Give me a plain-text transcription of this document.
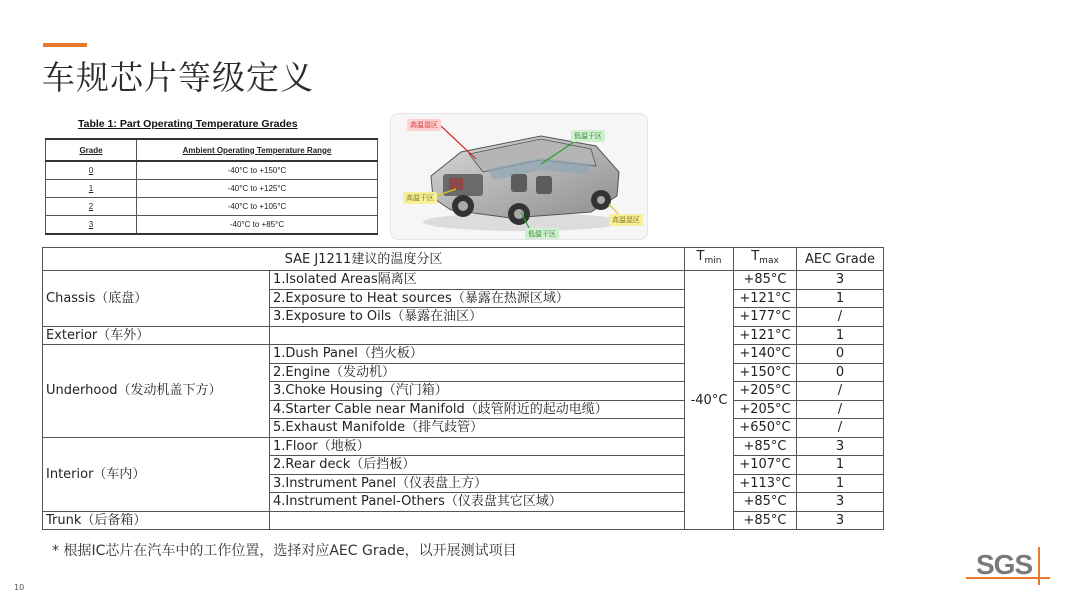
车规芯片等级定义
Table 1: Part Operating Temperature Grades
Grade	Ambient Operating Temperature Range
0	-40°C to +150°C
1	-40°C to +125°C
2	-40°C to +105°C
3	-40°C to +85°C
高温湿区
低温干区
高温干区
低温干区
高温湿区
SAE J1211建议的温度分区		$T_{min}$	$T_{max}$	AEC Grade
Chassis（底盘）	1.Isolated Areas隔离区	-40°C	+85°C	3
	2.Exposure to Heat sources（暴露在热源区域）		+121°C	1
	3.Exposure to Oils（暴露在油区）		+177°C	/
Exterior（车外）			+121°C	1
Underhood（发动机盖下方）	1.Dush Panel（挡火板）		+140°C	0
	2.Engine（发动机）		+150°C	0
	3.Choke Housing（汽门箱）		+205°C	/
	4.Starter Cable near Manifold（歧管附近的起动电缆）		+205°C	/
	5.Exhaust Manifolde（排气歧管）		+650°C	/
Interior（车内）	1.Floor（地板）		+85°C	3
	2.Rear deck（后挡板）		+107°C	1
	3.Instrument Panel（仪表盘上方）		+113°C	1
	4.Instrument Panel-Others（仪表盘其它区域）		+85°C	3
Trunk（后备箱）			+85°C	3
* 根据IC芯片在汽车中的工作位置，选择对应AEC Grade，以开展测试项目
10
SGS
